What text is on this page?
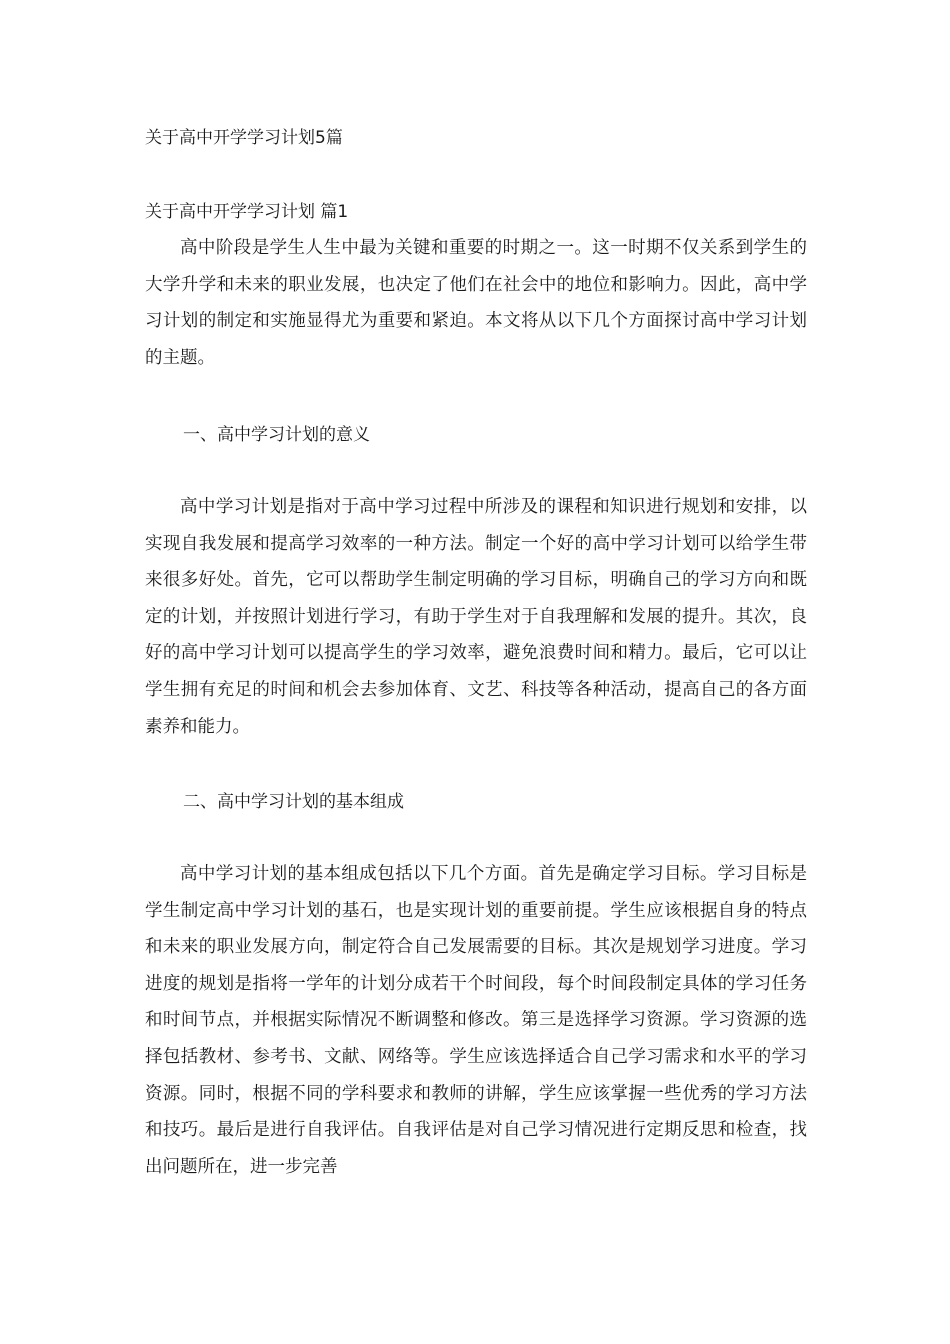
关于高中开学学习计划5篇
关于高中开学学习计划 篇1

高中阶段是学生人生中最为关键和重要的时期之一。这一时期不仅关系到学生的大学升学和未来的职业发展，也决定了他们在社会中的地位和影响力。因此，高中学习计划的制定和实施显得尤为重要和紧迫。本文将从以下几个方面探讨高中学习计划的主题。

一、高中学习计划的意义

高中学习计划是指对于高中学习过程中所涉及的课程和知识进行规划和安排，以实现自我发展和提高学习效率的一种方法。制定一个好的高中学习计划可以给学生带来很多好处。首先，它可以帮助学生制定明确的学习目标，明确自己的学习方向和既定的计划，并按照计划进行学习，有助于学生对于自我理解和发展的提升。其次，良好的高中学习计划可以提高学生的学习效率，避免浪费时间和精力。最后，它可以让学生拥有充足的时间和机会去参加体育、文艺、科技等各种活动，提高自己的各方面素养和能力。

二、高中学习计划的基本组成

高中学习计划的基本组成包括以下几个方面。首先是确定学习目标。学习目标是学生制定高中学习计划的基石，也是实现计划的重要前提。学生应该根据自身的特点和未来的职业发展方向，制定符合自己发展需要的目标。其次是规划学习进度。学习进度的规划是指将一学年的计划分成若干个时间段，每个时间段制定具体的学习任务和时间节点，并根据实际情况不断调整和修改。第三是选择学习资源。学习资源的选择包括教材、参考书、文献、网络等。学生应该选择适合自己学习需求和水平的学习资源。同时，根据不同的学科要求和教师的讲解，学生应该掌握一些优秀的学习方法和技巧。最后是进行自我评估。自我评估是对自己学习情况进行定期反思和检查，找出问题所在，进一步完善
